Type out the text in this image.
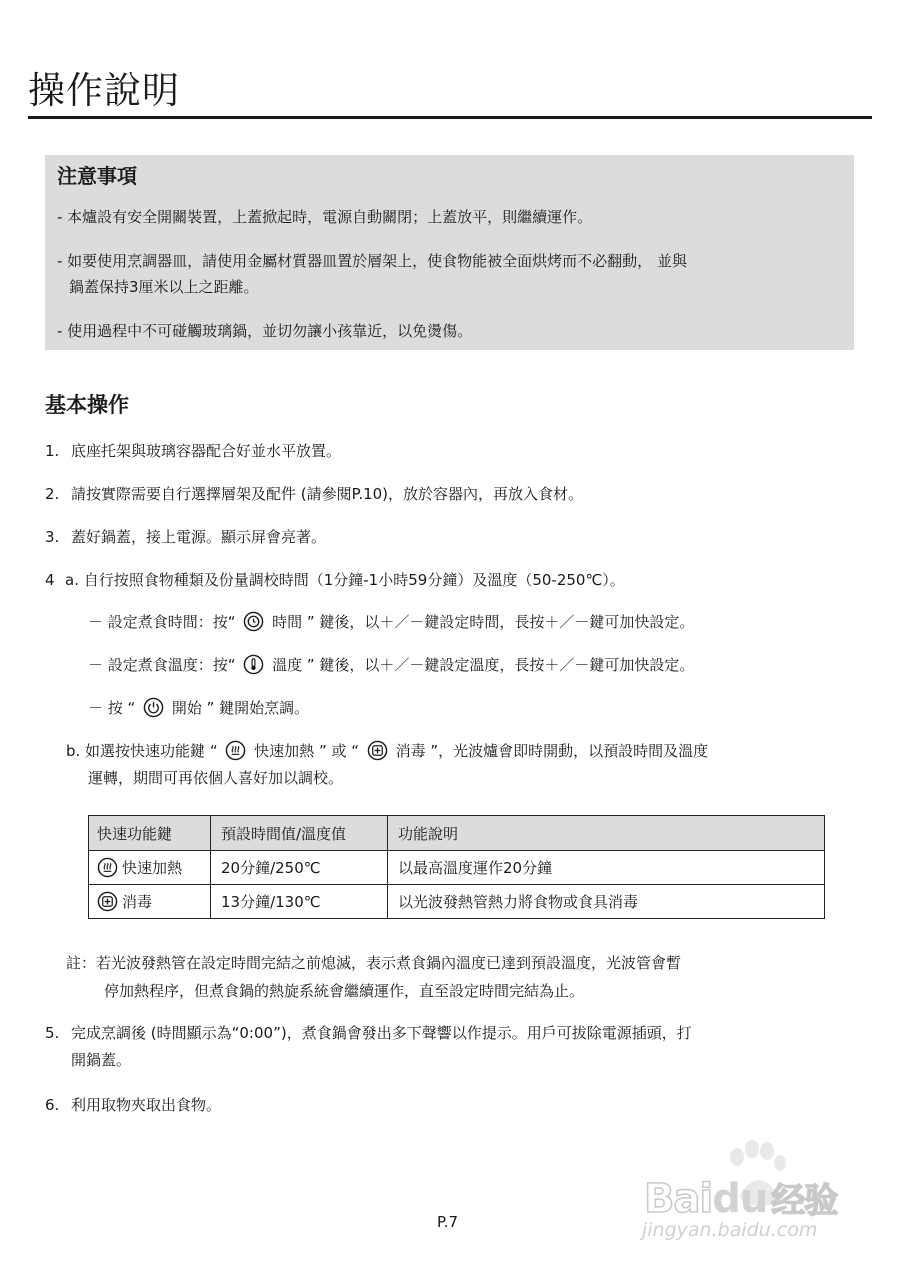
操作說明
注意事項
- 本爐設有安全開關裝置，上蓋掀起時，電源自動關閉；上蓋放平，則繼續運作。
- 如要使用烹調器皿，請使用金屬材質器皿置於層架上，使食物能被全面烘烤而不必翻動， 並與
鍋蓋保持3厘米以上之距離。
- 使用過程中不可碰觸玻璃鍋，並切勿讓小孩靠近，以免燙傷。
基本操作
1. 底座托架與玻璃容器配合好並水平放置。
2. 請按實際需要自行選擇層架及配件 (請參閱P.10)，放於容器內，再放入食材。
3. 蓋好鍋蓋，接上電源。顯示屏會亮著。
4 a. 自行按照食物種類及份量調校時間（1分鐘-1小時59分鐘）及溫度（50-250℃）。
－ 設定煮食時間：按“ 時間 ” 鍵後，以＋／－鍵設定時間，長按＋／－鍵可加快設定。
－ 設定煮食溫度：按“ 溫度 ” 鍵後，以＋／－鍵設定溫度，長按＋／－鍵可加快設定。
－ 按 “ 開始 ” 鍵開始烹調。
b. 如選按快速功能鍵 “ 快速加熱 ” 或 “ 消毒 ”，光波爐會即時開動，以預設時間及溫度
運轉，期間可再依個人喜好加以調校。
快速功能鍵	預設時間值/溫度值	功能說明

快速加熱	20分鐘/250℃	以最高溫度運作20分鐘

消毒	13分鐘/130℃	以光波發熱管熱力將食物或食具消毒
註：若光波發熱管在設定時間完結之前熄滅，表示煮食鍋內溫度已達到預設溫度，光波管會暫
停加熱程序，但煮食鍋的熱旋系統會繼續運作，直至設定時間完結為止。
5. 完成烹調後 (時間顯示為“0:00”)，煮食鍋會發出多下聲響以作提示。用戶可拔除電源插頭，打
開鍋蓋。
6. 利用取物夾取出食物。
P.7	Baidu 经验
jingyan.baidu.com
